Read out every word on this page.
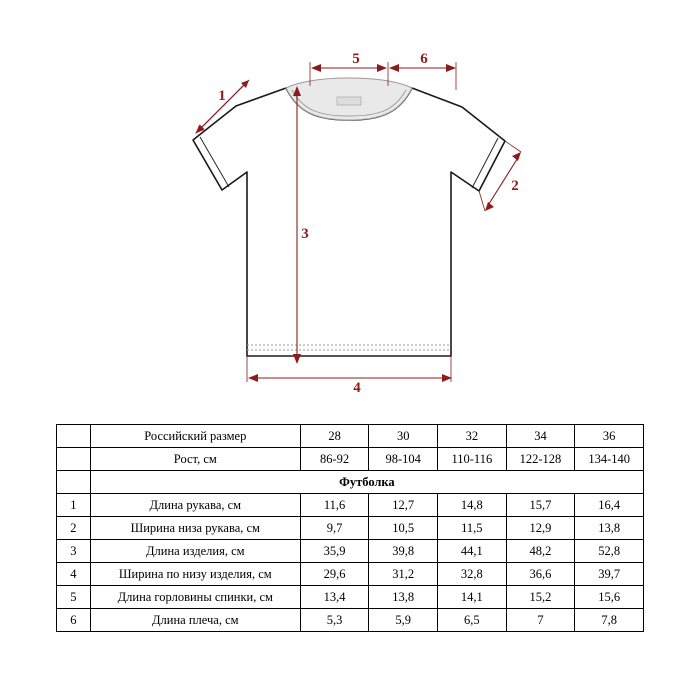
1
2
3
4
5	6
	Российский размер	28	30	32	34	36
	Рост, см	86-92	98-104	110-116	122-128	134-140
	Футболка					
1	Длина рукава, см	11,6	12,7	14,8	15,7	16,4
2	Ширина низа рукава, см	9,7	10,5	11,5	12,9	13,8
3	Длина изделия, см	35,9	39,8	44,1	48,2	52,8
4	Ширина по низу изделия, см	29,6	31,2	32,8	36,6	39,7
5	Длина горловины спинки, см	13,4	13,8	14,1	15,2	15,6
6	Длина плеча, см	5,3	5,9	6,5	7	7,8
